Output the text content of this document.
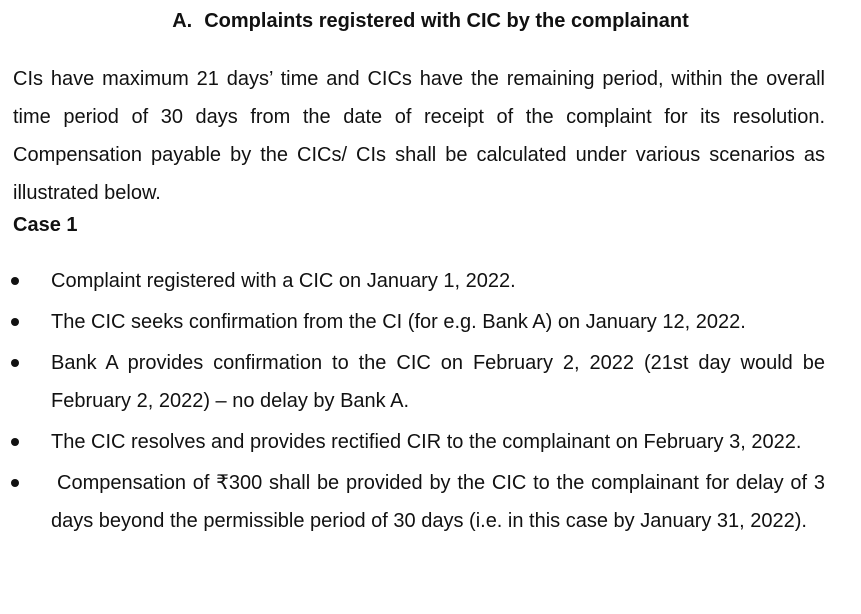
A. Complaints registered with CIC by the complainant
CIs have maximum 21 days’ time and CICs have the remaining period, within the overall time period of 30 days from the date of receipt of the complaint for its resolution. Compensation payable by the CICs/ CIs shall be calculated under various scenarios as illustrated below.
Case 1
Complaint registered with a CIC on January 1, 2022.
The CIC seeks confirmation from the CI (for e.g. Bank A) on January 12, 2022.
Bank A provides confirmation to the CIC on February 2, 2022 (21st day would be February 2, 2022) – no delay by Bank A.
The CIC resolves and provides rectified CIR to the complainant on February 3, 2022.
Compensation of ₹300 shall be provided by the CIC to the complainant for delay of 3 days beyond the permissible period of 30 days (i.e. in this case by January 31, 2022).
